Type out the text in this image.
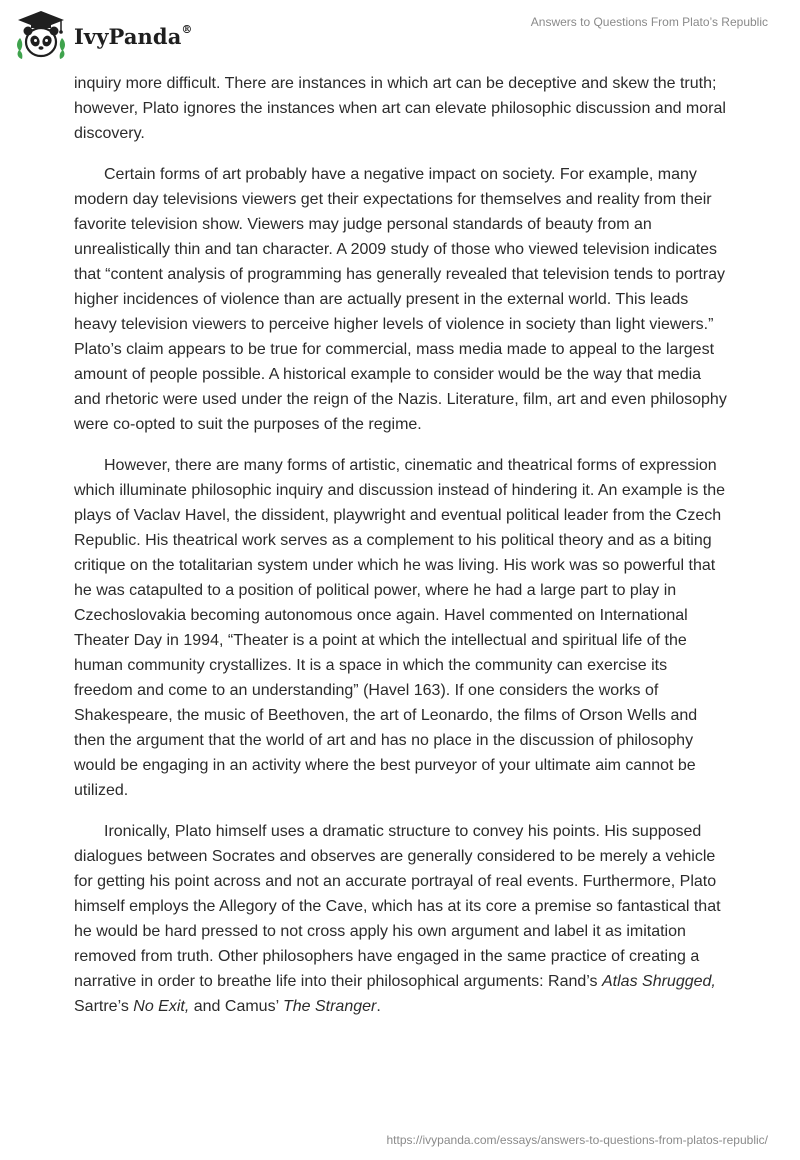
IvyPanda®	Answers to Questions From Plato’s Republic

inquiry more difficult. There are instances in which art can be deceptive and skew the truth; however, Plato ignores the instances when art can elevate philosophic discussion and moral discovery.

Certain forms of art probably have a negative impact on society. For example, many modern day televisions viewers get their expectations for themselves and reality from their favorite television show. Viewers may judge personal standards of beauty from an unrealistically thin and tan character. A 2009 study of those who viewed television indicates that “content analysis of programming has generally revealed that television tends to portray higher incidences of violence than are actually present in the external world. This leads heavy television viewers to perceive higher levels of violence in society than light viewers.” Plato’s claim appears to be true for commercial, mass media made to appeal to the largest amount of people possible. A historical example to consider would be the way that media and rhetoric were used under the reign of the Nazis. Literature, film, art and even philosophy were co-opted to suit the purposes of the regime.

However, there are many forms of artistic, cinematic and theatrical forms of expression which illuminate philosophic inquiry and discussion instead of hindering it. An example is the plays of Vaclav Havel, the dissident, playwright and eventual political leader from the Czech Republic. His theatrical work serves as a complement to his political theory and as a biting critique on the totalitarian system under which he was living. His work was so powerful that he was catapulted to a position of political power, where he had a large part to play in Czechoslovakia becoming autonomous once again. Havel commented on International Theater Day in 1994, “Theater is a point at which the intellectual and spiritual life of the human community crystallizes. It is a space in which the community can exercise its freedom and come to an understanding” (Havel 163). If one considers the works of Shakespeare, the music of Beethoven, the art of Leonardo, the films of Orson Wells and then the argument that the world of art and has no place in the discussion of philosophy would be engaging in an activity where the best purveyor of your ultimate aim cannot be utilized.

Ironically, Plato himself uses a dramatic structure to convey his points. His supposed dialogues between Socrates and observes are generally considered to be merely a vehicle for getting his point across and not an accurate portrayal of real events. Furthermore, Plato himself employs the Allegory of the Cave, which has at its core a premise so fantastical that he would be hard pressed to not cross apply his own argument and label it as imitation removed from truth. Other philosophers have engaged in the same practice of creating a narrative in order to breathe life into their philosophical arguments: Rand’s Atlas Shrugged, Sartre’s No Exit, and Camus’ The Stranger.

https://ivypanda.com/essays/answers-to-questions-from-platos-republic/
